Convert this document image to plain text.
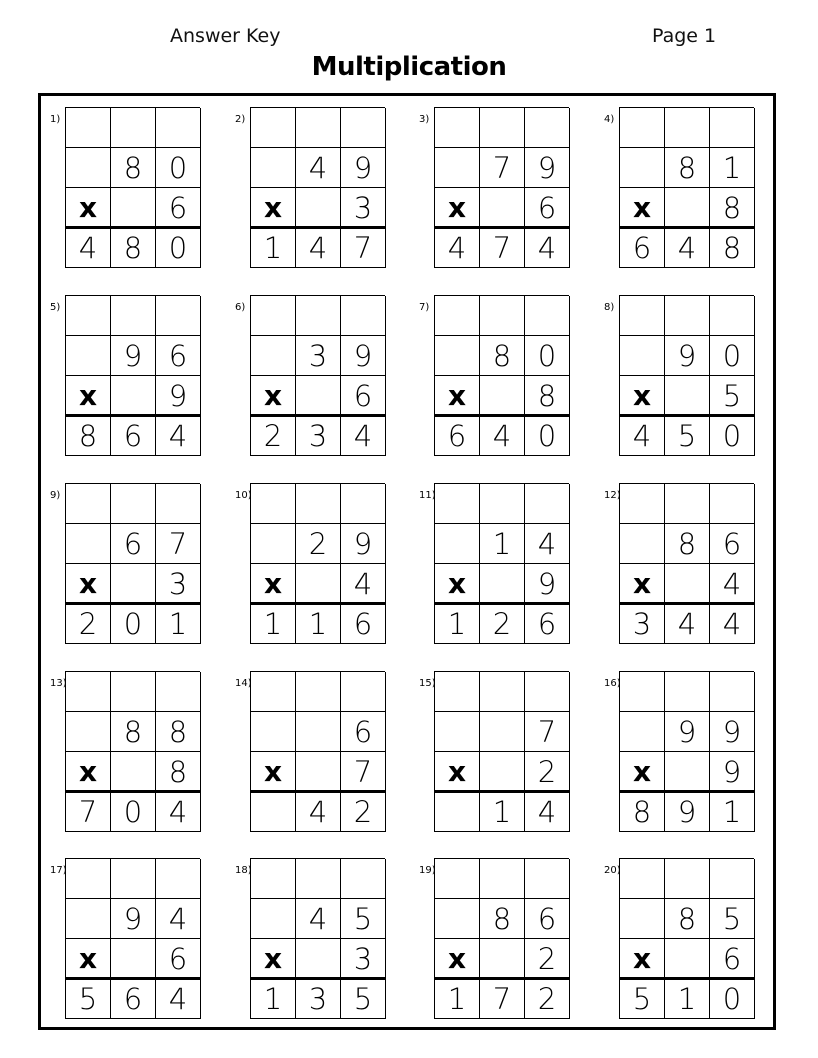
Answer Key	Page 1
Multiplication
1)
8 0
x	6
4 8 0
2)
4 9
x	3
1 4 7
3)
7 9
x	6
4 7 4
4)
8 1
x	8
6 4 8
5)
9 6
x	9
8 6 4
6)
3 9
x	6
2 3 4
7)
8 0
x	8
6 4 0
8)
9 0
x	5
4 5 0
9)
6 7
x	3
2 0 1
10)
2 9
x	4
1 1 6
11)
1 4
x	9
1 2 6
12)
8 6
x	4
3 4 4
13)
8 8
x	8
7 0 4
14)
6
x	7
4 2
15)
7
x	2
1 4
16)
9 9
x	9
8 9 1
17)
9 4
x	6
5 6 4
18)
4 5
x	3
1 3 5
19)
8 6
x	2
1 7 2
20)
8 5
x	6
5 1 0
